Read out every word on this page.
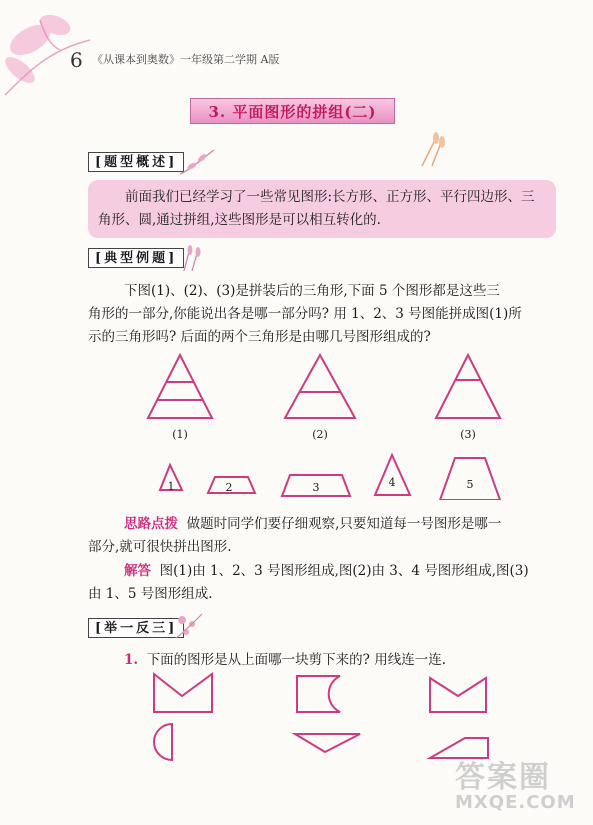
6 《从课本到奥数》一年级第二学期 A版
3. 平面图形的拼组(二)
[题型概述]
前面我们已经学习了一些常见图形:长方形、正方形、平行四边形、三角形、圆,通过拼组,这些图形是可以相互转化的.
[典型例题]
下图(1)、(2)、(3)是拼装后的三角形,下面 5 个图形都是这些三
角形的一部分,你能说出各是哪一部分吗? 用 1、2、3 号图能拼成图(1)所
示的三角形吗? 后面的两个三角形是由哪几号图形组成的?
(1)	(2)	(3)
1	2	3	4	5
思路点拨 做题时同学们要仔细观察,只要知道每一号图形是哪一
部分,就可很快拼出图形.
解答 图(1)由 1、2、3 号图形组成,图(2)由 3、4 号图形组成,图(3)
由 1、5 号图形组成.
[举一反三]
1. 下面的图形是从上面哪一块剪下来的? 用线连一连.
答案圈
MXQE.COM
